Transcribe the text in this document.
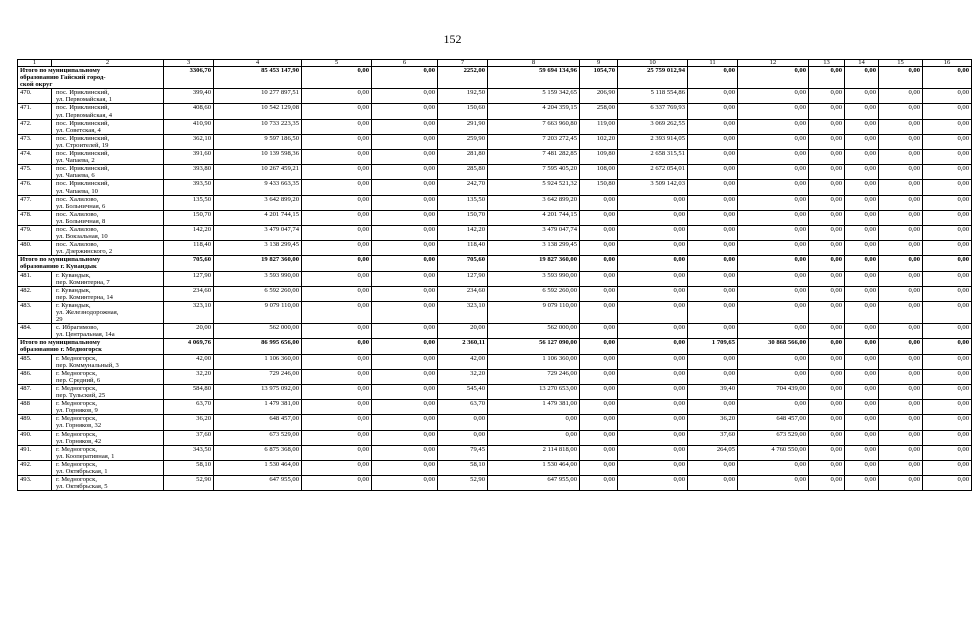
152
1	2	3	4	5	6	7	8	9	10	11	12	13	14	15	16

Итого по муниципальному
образованию Гайский город-
ской округ		3306,70	85 453 147,90	0,00	0,00	2252,00	59 694 134,96	1054,70	25 759 012,94	0,00	0,00	0,00	0,00	0,00	0,00
470.	пос. Ириклинский,
ул. Первомайская, 1	399,40	10 277 897,51	0,00	0,00	192,50	5 159 342,65	206,90	5 118 554,86	0,00	0,00	0,00	0,00	0,00	0,00
471.	пос. Ириклинский,
ул. Первомайская, 4	408,60	10 542 129,08	0,00	0,00	150,60	4 204 359,15	258,00	6 337 769,93	0,00	0,00	0,00	0,00	0,00	0,00
472.	пос. Ириклинский,
ул. Советская, 4	410,90	10 733 223,35	0,00	0,00	291,90	7 663 960,80	119,00	3 069 262,55	0,00	0,00	0,00	0,00	0,00	0,00
473.	пос. Ириклинский,
ул. Строителей, 19	362,10	9 597 186,50	0,00	0,00	259,90	7 203 272,45	102,20	2 393 914,05	0,00	0,00	0,00	0,00	0,00	0,00
474.	пос. Ириклинский,
ул. Чапаева, 2	391,60	10 139 598,36	0,00	0,00	281,80	7 481 282,85	109,80	2 658 315,51	0,00	0,00	0,00	0,00	0,00	0,00
475.	пос. Ириклинский,
ул. Чапаева, 6	393,80	10 267 459,21	0,00	0,00	285,80	7 595 405,20	108,00	2 672 054,01	0,00	0,00	0,00	0,00	0,00	0,00
476.	пос. Ириклинский,
ул. Чапаева, 10	393,50	9 433 663,35	0,00	0,00	242,70	5 924 521,32	150,80	3 509 142,03	0,00	0,00	0,00	0,00	0,00	0,00
477.	пос. Халилово,
ул. Больничная, 6	135,50	3 642 899,20	0,00	0,00	135,50	3 642 899,20	0,00	0,00	0,00	0,00	0,00	0,00	0,00	0,00
478.	пос. Халилово,
ул. Больничная, 8	150,70	4 201 744,15	0,00	0,00	150,70	4 201 744,15	0,00	0,00	0,00	0,00	0,00	0,00	0,00	0,00
479.	пос. Халилово,
ул. Вокзальная, 10	142,20	3 479 047,74	0,00	0,00	142,20	3 479 047,74	0,00	0,00	0,00	0,00	0,00	0,00	0,00	0,00
480.	пос. Халилово,
ул. Дзержинского, 2	118,40	3 138 299,45	0,00	0,00	118,40	3 138 299,45	0,00	0,00	0,00	0,00	0,00	0,00	0,00	0,00

Итого по муниципальному
образованию г. Кувандык		705,60	19 827 360,00	0,00	0,00	705,60	19 827 360,00	0,00	0,00	0,00	0,00	0,00	0,00	0,00	0,00
481.	г. Кувандык,
пер. Коминтерна, 7	127,90	3 593 990,00	0,00	0,00	127,90	3 593 990,00	0,00	0,00	0,00	0,00	0,00	0,00	0,00	0,00
482.	г. Кувандык,
пер. Коминтерна, 14	234,60	6 592 260,00	0,00	0,00	234,60	6 592 260,00	0,00	0,00	0,00	0,00	0,00	0,00	0,00	0,00
483.	г. Кувандык,
ул. Железнодорожная,
29	323,10	9 079 110,00	0,00	0,00	323,10	9 079 110,00	0,00	0,00	0,00	0,00	0,00	0,00	0,00	0,00
484.	с. Ибрагимово,
ул. Центральная, 14а	20,00	562 000,00	0,00	0,00	20,00	562 000,00	0,00	0,00	0,00	0,00	0,00	0,00	0,00	0,00

Итого по муниципальному
образованию г. Медногорск		4 069,76	86 995 656,00	0,00	0,00	2 360,11	56 127 090,00	0,00	0,00	1 709,65	30 868 566,00	0,00	0,00	0,00	0,00
485.	г. Медногорск,
пер. Коммунальный, 3	42,00	1 106 360,00	0,00	0,00	42,00	1 106 360,00	0,00	0,00	0,00	0,00	0,00	0,00	0,00	0,00
486.	г. Медногорск,
пер. Средний, 6	32,20	729 246,00	0,00	0,00	32,20	729 246,00	0,00	0,00	0,00	0,00	0,00	0,00	0,00	0,00
487.	г. Медногорск,
пер. Тульский, 25	584,80	13 975 092,00	0,00	0,00	545,40	13 270 653,00	0,00	0,00	39,40	704 439,00	0,00	0,00	0,00	0,00
488	г. Медногорск,
ул. Горняков, 9	63,70	1 479 381,00	0,00	0,00	63,70	1 479 381,00	0,00	0,00	0,00	0,00	0,00	0,00	0,00	0,00
489.	г. Медногорск,
ул. Горняков, 32	36,20	648 457,00	0,00	0,00	0,00	0,00	0,00	0,00	36,20	648 457,00	0,00	0,00	0,00	0,00
490.	г. Медногорск,
ул. Горняков, 42	37,60	673 529,00	0,00	0,00	0,00	0,00	0,00	0,00	37,60	673 529,00	0,00	0,00	0,00	0,00
491.	г. Медногорск,
ул. Кооперативная, 1	343,50	6 875 368,00	0,00	0,00	79,45	2 114 818,00	0,00	0,00	264,05	4 760 550,00	0,00	0,00	0,00	0,00
492.	г. Медногорск,
ул. Октябрьская, 1	58,10	1 530 464,00	0,00	0,00	58,10	1 530 464,00	0,00	0,00	0,00	0,00	0,00	0,00	0,00	0,00
493.	г. Медногорск,
ул. Октябрьская, 5	52,90	647 955,00	0,00	0,00	52,90	647 955,00	0,00	0,00	0,00	0,00	0,00	0,00	0,00	0,00
